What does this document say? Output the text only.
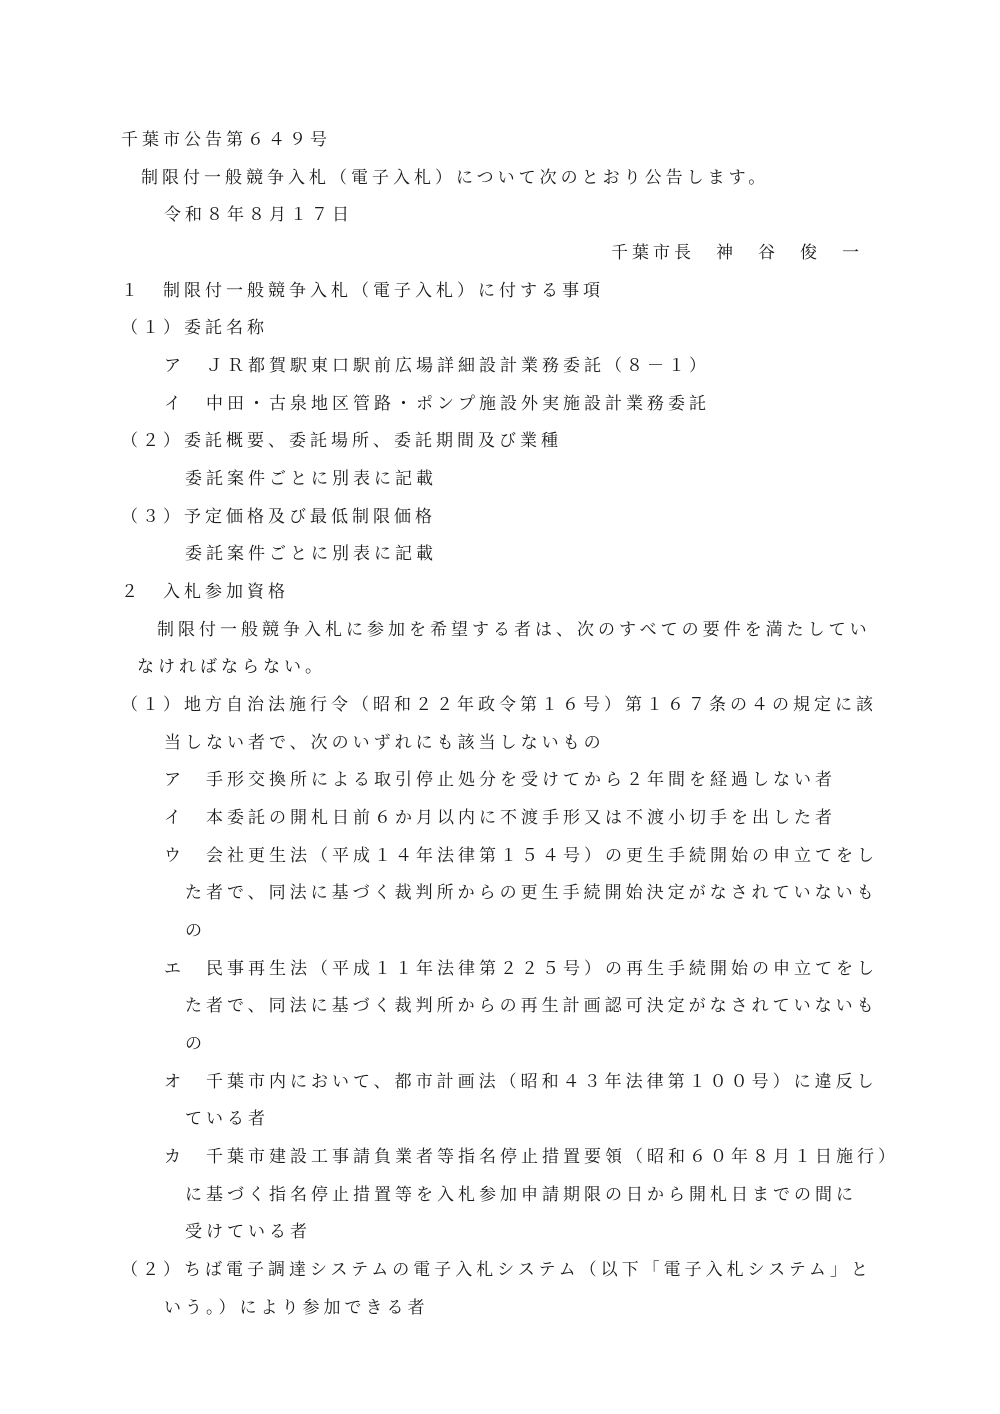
千葉市公告第６４９号
制限付一般競争入札（電子入札）について次のとおり公告します。
令和８年８月１７日
千葉市長　神　谷　俊　一
１　制限付一般競争入札（電子入札）に付する事項
（１）委託名称
ア　ＪＲ都賀駅東口駅前広場詳細設計業務委託（８－１）
イ　中田・古泉地区管路・ポンプ施設外実施設計業務委託
（２）委託概要、委託場所、委託期間及び業種
委託案件ごとに別表に記載
（３）予定価格及び最低制限価格
委託案件ごとに別表に記載
２　入札参加資格
制限付一般競争入札に参加を希望する者は、次のすべての要件を満たしてい
なければならない。
（１）地方自治法施行令（昭和２２年政令第１６号）第１６７条の４の規定に該
当しない者で、次のいずれにも該当しないもの
ア　手形交換所による取引停止処分を受けてから２年間を経過しない者
イ　本委託の開札日前６か月以内に不渡手形又は不渡小切手を出した者
ウ　会社更生法（平成１４年法律第１５４号）の更生手続開始の申立てをし
た者で、同法に基づく裁判所からの更生手続開始決定がなされていないも
の
エ　民事再生法（平成１１年法律第２２５号）の再生手続開始の申立てをし
た者で、同法に基づく裁判所からの再生計画認可決定がなされていないも
の
オ　千葉市内において、都市計画法（昭和４３年法律第１００号）に違反し
ている者
カ　千葉市建設工事請負業者等指名停止措置要領（昭和６０年８月１日施行）
に基づく指名停止措置等を入札参加申請期限の日から開札日までの間に
受けている者
（２）ちば電子調達システムの電子入札システム（以下「電子入札システム」と
いう。）により参加できる者
